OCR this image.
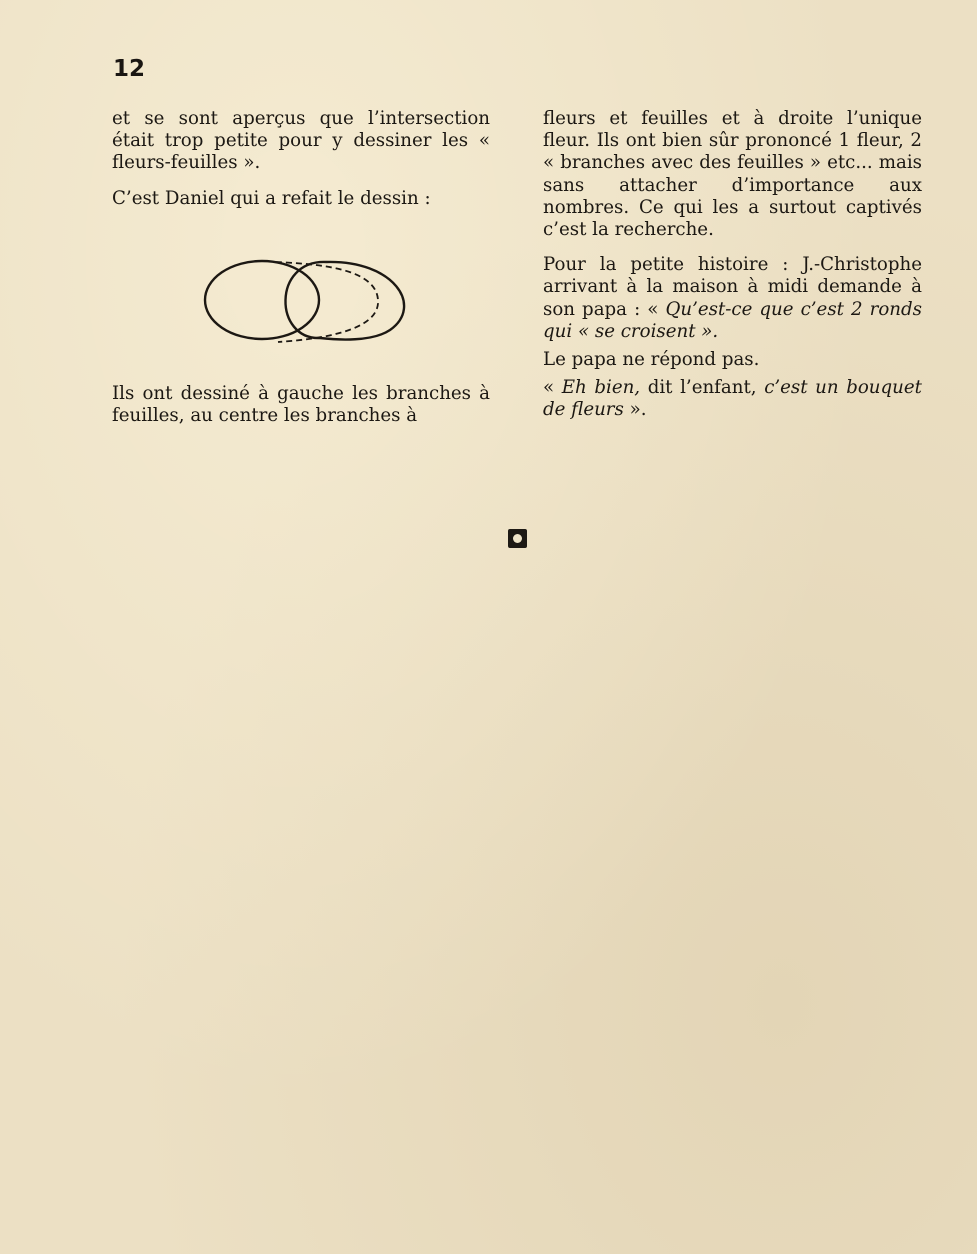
12

et se sont aperçus que l’intersection était trop petite pour y dessiner les « fleurs-feuilles ».

C’est Daniel qui a refait le dessin :

Ils ont dessiné à gauche les branches à feuilles, au centre les branches à

fleurs et feuilles et à droite l’unique fleur. Ils ont bien sûr prononcé 1 fleur, 2 « branches avec des feuilles » etc... mais sans attacher d’importance aux nombres. Ce qui les a surtout captivés c’est la recherche.

Pour la petite histoire : J.-Christophe arrivant à la maison à midi demande à son papa : « Qu’est-ce que c’est 2 ronds qui « se croisent ».

Le papa ne répond pas.

« Eh bien, dit l’enfant, c’est un bouquet de fleurs ».
